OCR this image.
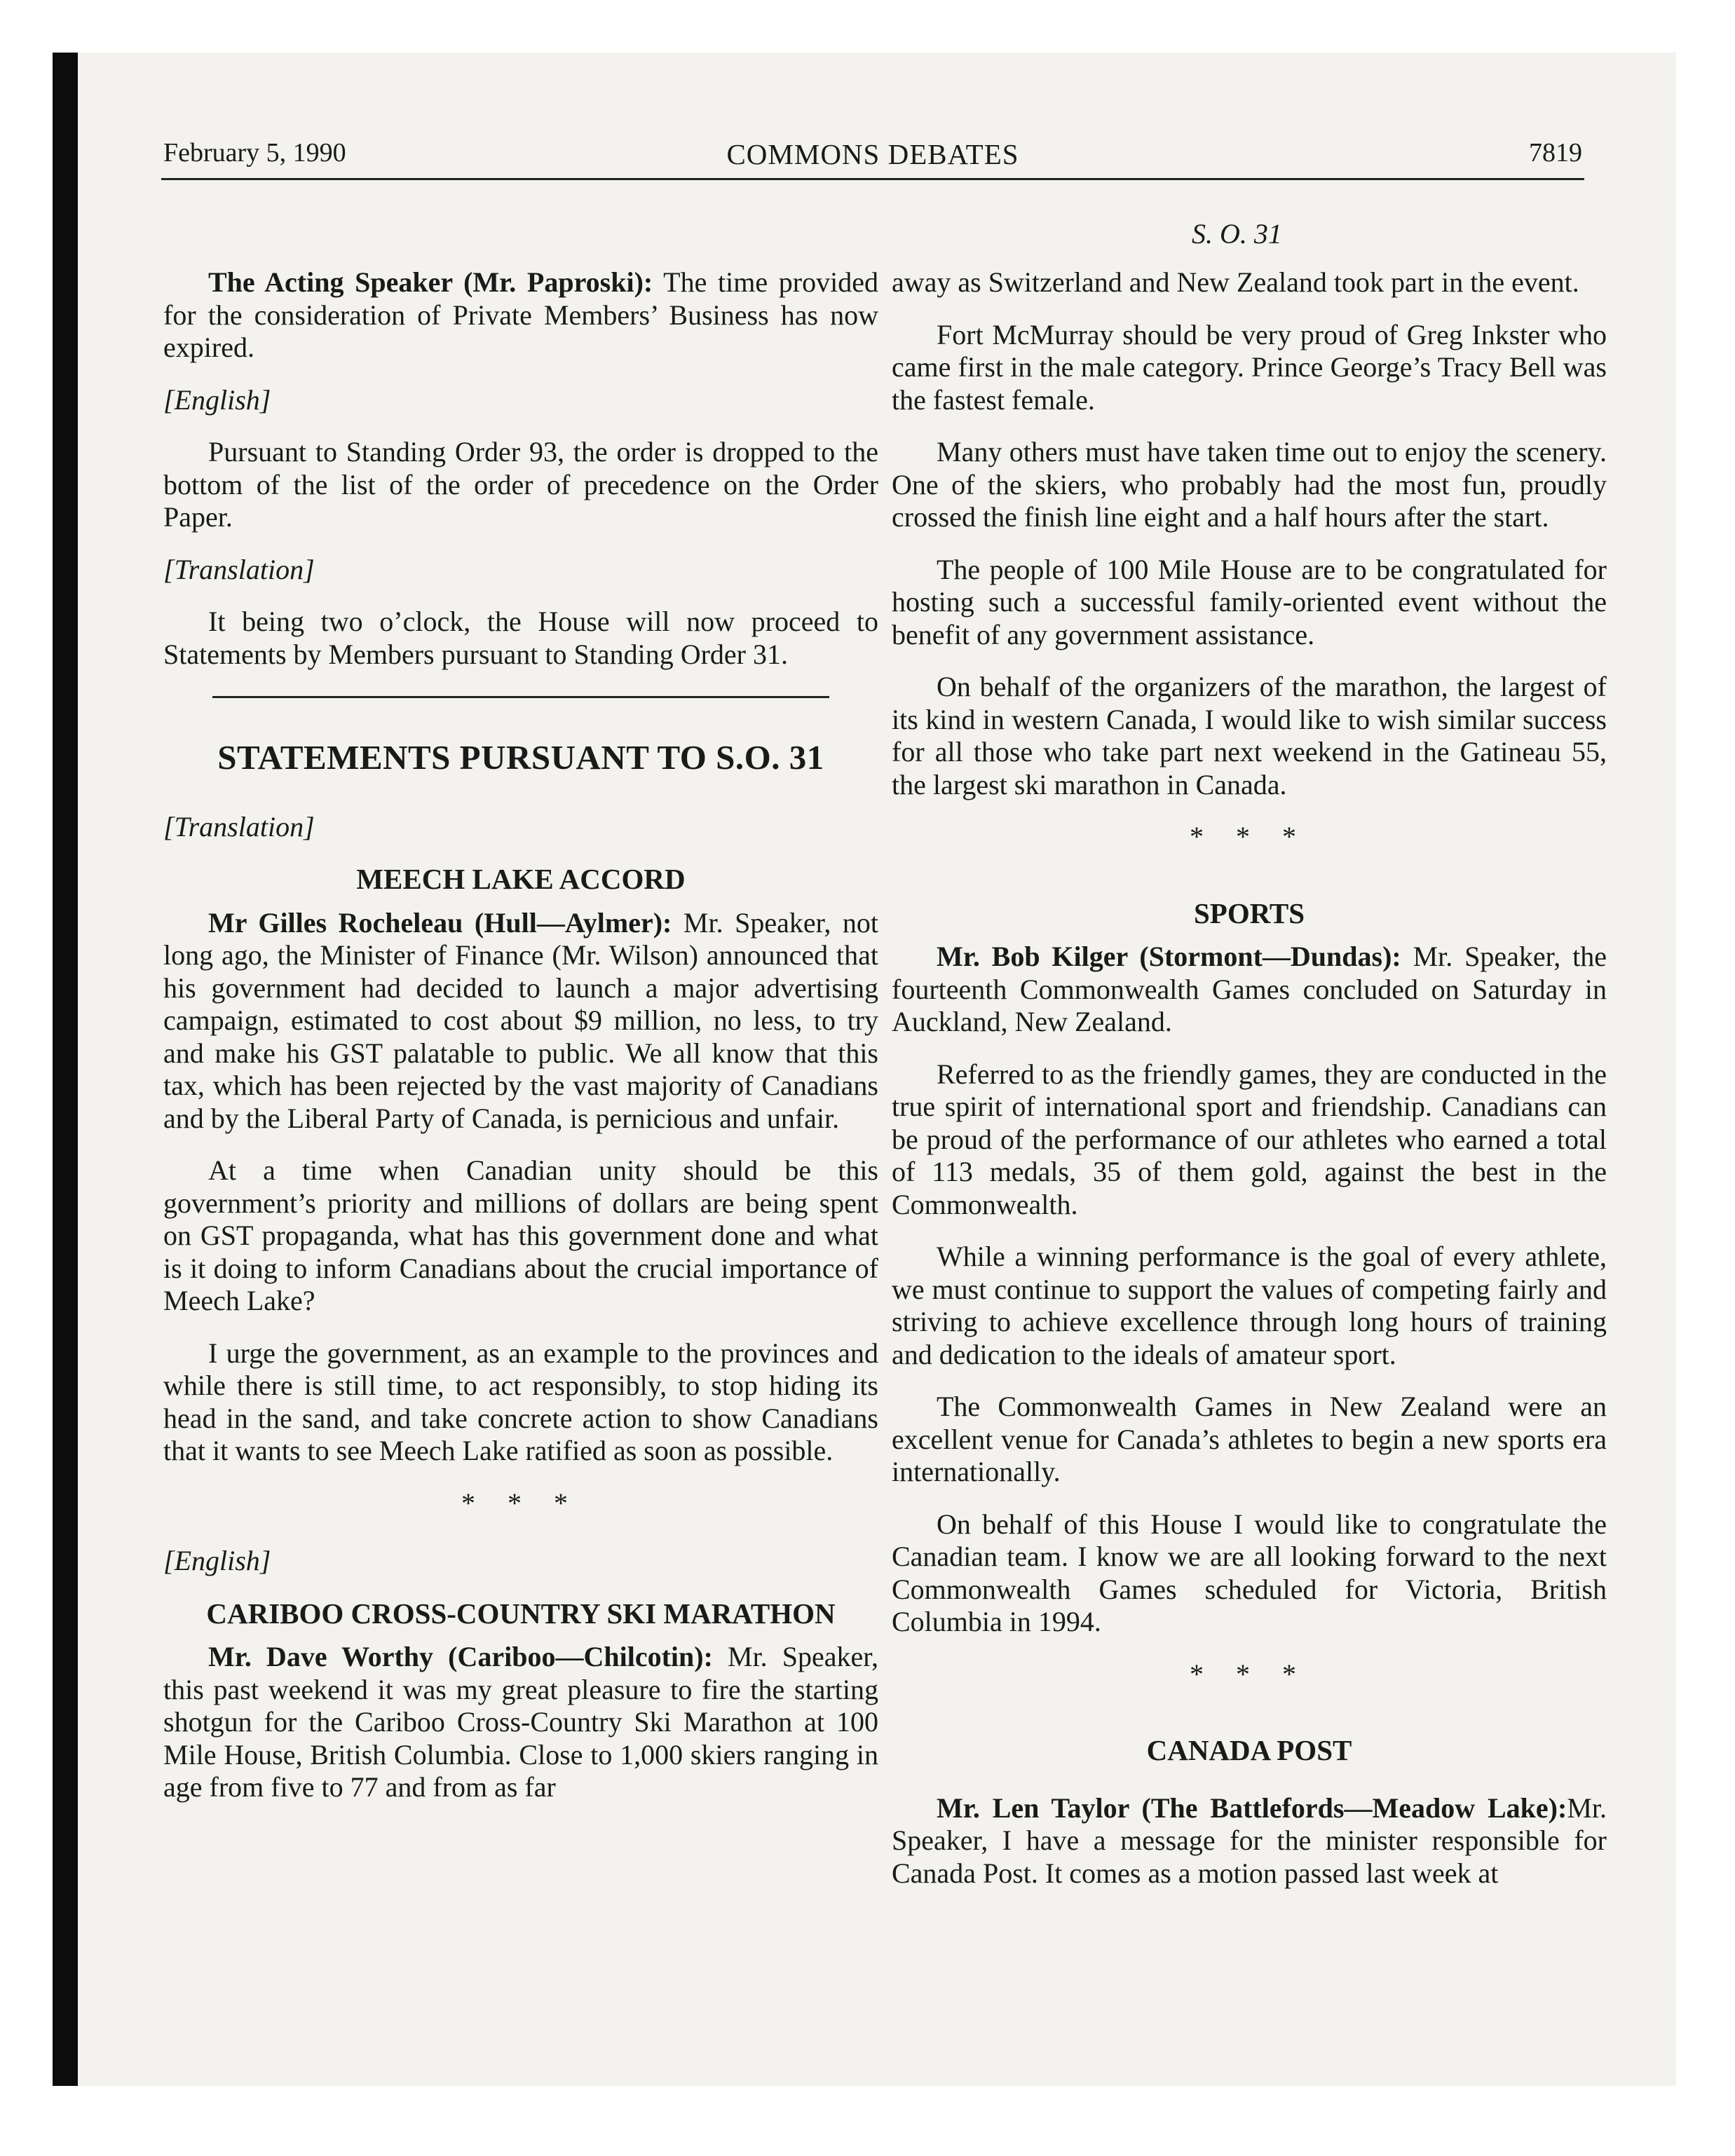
February 5, 1990	COMMONS DEBATES	7819
S. O. 31

The Acting Speaker (Mr. Paproski): The time provided for the consideration of Private Members’ Business has now expired.

[English]

Pursuant to Standing Order 93, the order is dropped to the bottom of the list of the order of precedence on the Order Paper.

[Translation]

It being two o’clock, the House will now proceed to Statements by Members pursuant to Standing Order 31.

STATEMENTS PURSUANT TO S.O. 31
[Translation]
MEECH LAKE ACCORD

Mr Gilles Rocheleau (Hull—Aylmer): Mr. Speaker, not long ago, the Minister of Finance (Mr. Wilson) announced that his government had decided to launch a major advertising campaign, estimated to cost about $9 million, no less, to try and make his GST palatable to public. We all know that this tax, which has been rejected by the vast majority of Canadians and by the Liberal Party of Canada, is pernicious and unfair.

At a time when Canadian unity should be this government’s priority and millions of dollars are being spent on GST propaganda, what has this government done and what is it doing to inform Canadians about the crucial importance of Meech Lake?

I urge the government, as an example to the provinces and while there is still time, to act responsibly, to stop hiding its head in the sand, and take concrete action to show Canadians that it wants to see Meech Lake ratified as soon as possible.

* * *
[English]
CARIBOO CROSS-COUNTRY SKI MARATHON

Mr. Dave Worthy (Cariboo—Chilcotin): Mr. Speaker, this past weekend it was my great pleasure to fire the starting shotgun for the Cariboo Cross-Country Ski Marathon at 100 Mile House, British Columbia. Close to 1,000 skiers ranging in age from five to 77 and from as far

away as Switzerland and New Zealand took part in the event.

Fort McMurray should be very proud of Greg Inkster who came first in the male category. Prince George’s Tracy Bell was the fastest female.

Many others must have taken time out to enjoy the scenery. One of the skiers, who probably had the most fun, proudly crossed the finish line eight and a half hours after the start.

The people of 100 Mile House are to be congratulated for hosting such a successful family-oriented event without the benefit of any government assistance.

On behalf of the organizers of the marathon, the largest of its kind in western Canada, I would like to wish similar success for all those who take part next weekend in the Gatineau 55, the largest ski marathon in Canada.

* * *
SPORTS

Mr. Bob Kilger (Stormont—Dundas): Mr. Speaker, the fourteenth Commonwealth Games concluded on Saturday in Auckland, New Zealand.

Referred to as the friendly games, they are conducted in the true spirit of international sport and friendship. Canadians can be proud of the performance of our athletes who earned a total of 113 medals, 35 of them gold, against the best in the Commonwealth.

While a winning performance is the goal of every athlete, we must continue to support the values of competing fairly and striving to achieve excellence through long hours of training and dedication to the ideals of amateur sport.

The Commonwealth Games in New Zealand were an excellent venue for Canada’s athletes to begin a new sports era internationally.

On behalf of this House I would like to congratulate the Canadian team. I know we are all looking forward to the next Commonwealth Games scheduled for Victoria, British Columbia in 1994.

* * *
CANADA POST

Mr. Len Taylor (The Battlefords—Meadow Lake):Mr. Speaker, I have a message for the minister responsible for Canada Post. It comes as a motion passed last week at
